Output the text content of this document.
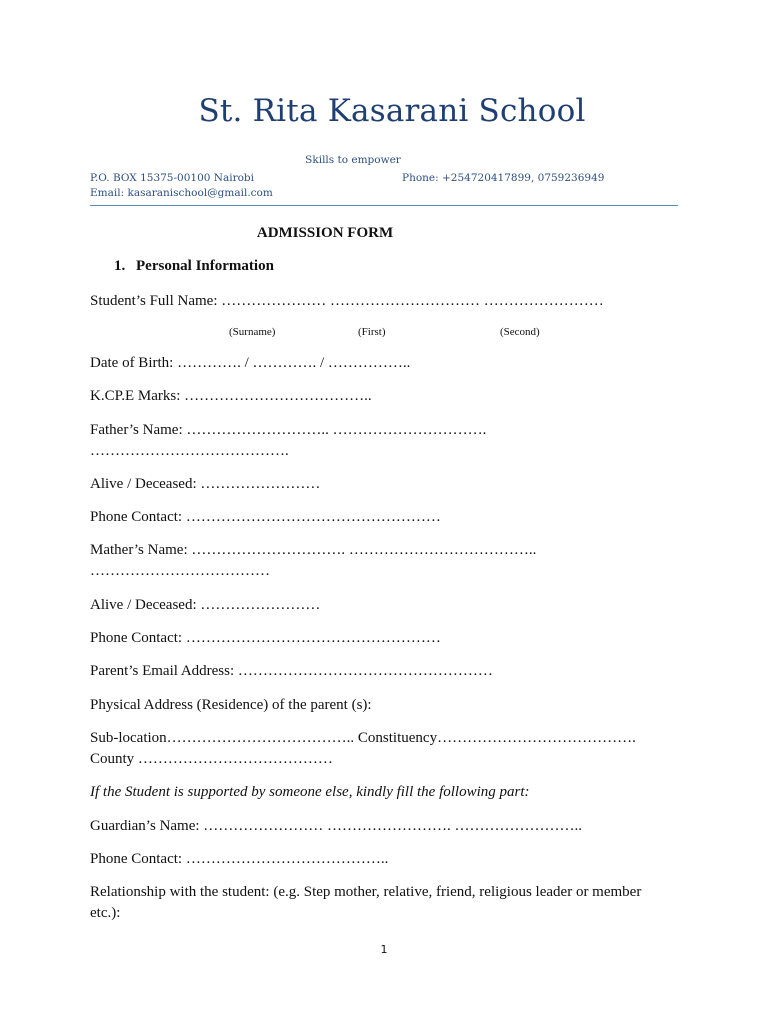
St. Rita Kasarani School
Skills to empower
P.O. BOX 15375-00100 Nairobi	Phone: +254720417899, 0759236949
Email: kasaranischool@gmail.com
ADMISSION FORM
1. Personal Information
Student’s Full Name: ………………… ………………………… ……………………
(Surname)	(First)	(Second)
Date of Birth: …………. / …………. / ……………..
K.CP.E Marks: ………………………………..
Father’s Name: ……………………….. ………………………….
………………………………….
Alive / Deceased: ……………………
Phone Contact: ……………………………………………
Mather’s Name: …………………………. ………………………………..
………………………………
Alive / Deceased: ……………………
Phone Contact: ……………………………………………
Parent’s Email Address: ……………………………………………
Physical Address (Residence) of the parent (s):
Sub-location……………………………….. Constituency………………………………….
County …………………………………
If the Student is supported by someone else, kindly fill the following part:
Guardian’s Name: …………………… ……………………. ……………………..
Phone Contact: …………………………………..
Relationship with the student: (e.g. Step mother, relative, friend, religious leader or member
etc.):
1
